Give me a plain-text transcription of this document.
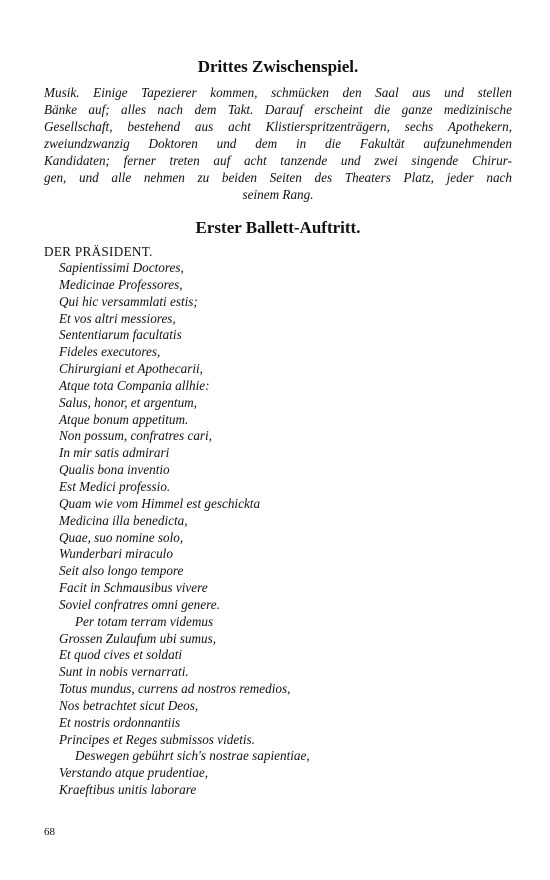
Drittes Zwischenspiel.

Musik. Einige Tapezierer kommen, schmücken den Saal aus und stellen
Bänke auf; alles nach dem Takt. Darauf erscheint die ganze medizinische
Gesellschaft, bestehend aus acht Klistierspritzenträgern, sechs Apothekern,
zweiundzwanzig Doktoren und dem in die Fakultät aufzunehmenden
Kandidaten; ferner treten auf acht tanzende und zwei singende Chirur-
gen, und alle nehmen zu beiden Seiten des Theaters Platz, jeder nach
seinem Rang.

Erster Ballett-Auftritt.
DER PRÄSIDENT.
Sapientissimi Doctores,
Medicinae Professores,
Qui hic versammlati estis;
Et vos altri messiores,
Sententiarum facultatis
Fideles executores,
Chirurgiani et Apothecarii,
Atque tota Compania allhie:
Salus, honor, et argentum,
Atque bonum appetitum.
Non possum, confratres cari,
In mir satis admirari
Qualis bona inventio
Est Medici professio.
Quam wie vom Himmel est geschickta
Medicina illa benedicta,
Quae, suo nomine solo,
Wunderbari miraculo
Seit also longo tempore
Facit in Schmausibus vivere
Soviel confratres omni genere.
Per totam terram videmus
Grossen Zulaufum ubi sumus,
Et quod cives et soldati
Sunt in nobis vernarrati.
Totus mundus, currens ad nostros remedios,
Nos betrachtet sicut Deos,
Et nostris ordonnantiis
Principes et Reges submissos videtis.
Deswegen gebührt sich's nostrae sapientiae,
Verstando atque prudentiae,
Kraeftibus unitis laborare
68
